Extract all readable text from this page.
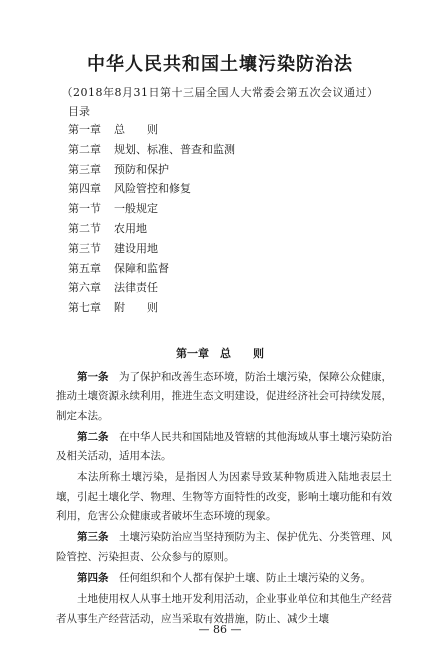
中华人民共和国土壤污染防治法
（2018年8月31日第十三届全国人大常委会第五次会议通过）
目录
第一章 总　　则
第二章 规划、标准、普查和监测
第三章 预防和保护
第四章 风险管控和修复
第一节 一般规定
第二节 农用地
第三节 建设用地
第五章 保障和监督
第六章 法律责任
第七章 附　　则
第一章　总　　则

第一条　为了保护和改善生态环境，防治土壤污染，保障公众健康，推动土壤资源永续利用，推进生态文明建设，促进经济社会可持续发展，制定本法。

第二条　在中华人民共和国陆地及管辖的其他海域从事土壤污染防治及相关活动，适用本法。

本法所称土壤污染，是指因人为因素导致某种物质进入陆地表层土壤，引起土壤化学、物理、生物等方面特性的改变，影响土壤功能和有效利用，危害公众健康或者破坏生态环境的现象。

第三条　土壤污染防治应当坚持预防为主、保护优先、分类管理、风险管控、污染担责、公众参与的原则。

第四条　任何组织和个人都有保护土壤、防止土壤污染的义务。

土地使用权人从事土地开发利用活动，企业事业单位和其他生产经营者从事生产经营活动，应当采取有效措施，防止、减少土壤

— 86 —
